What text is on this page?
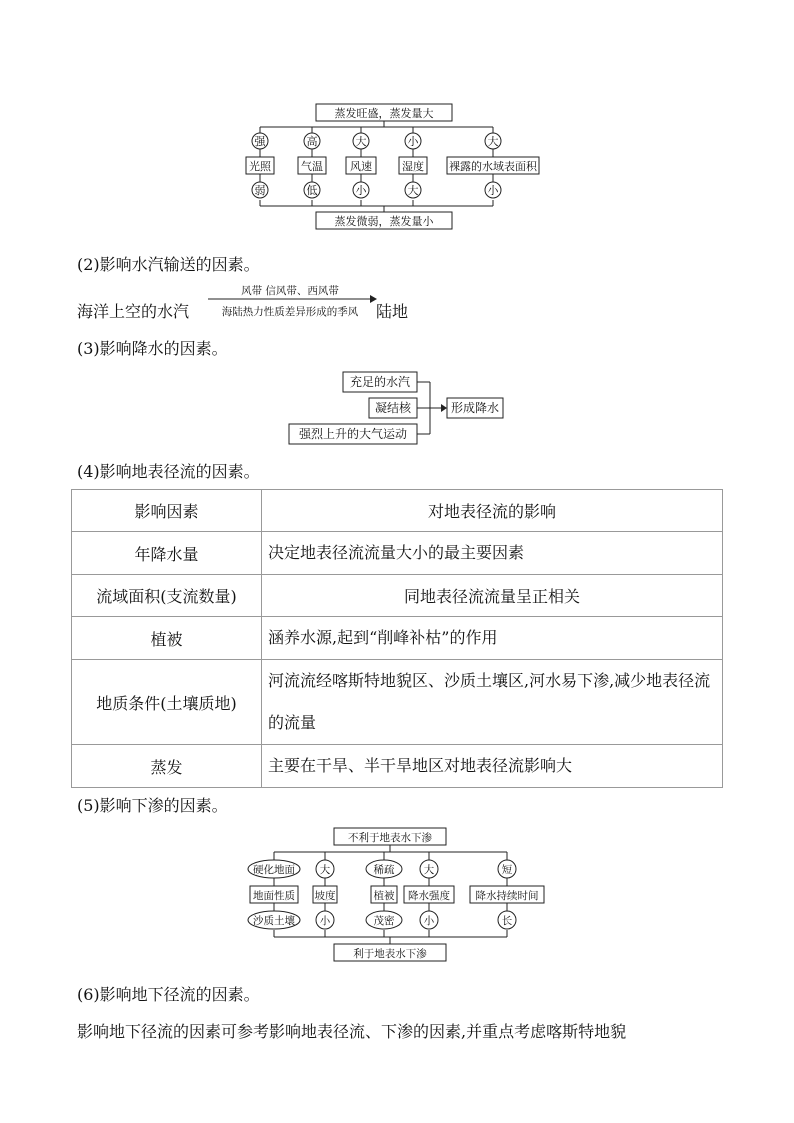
蒸发旺盛，蒸发量大
蒸发微弱，蒸发量小
强	高	大	小	大
光照	气温 风速	湿度 裸露的水域表面积
弱	低	小	大	小
(2)影响水汽输送的因素。
海洋上空的水汽
风带 信风带、西风带
海陆热力性质差异形成的季风	陆地
(3)影响降水的因素。
充足的水汽
凝结核
强烈上升的大气运动
形成降水
(4)影响地表径流的因素。
影响因素	对地表径流的影响
年降水量	决定地表径流流量大小的最主要因素
流域面积(支流数量)	同地表径流流量呈正相关
植被	涵养水源,起到“削峰补枯”的作用
地质条件(土壤质地)	河流流经喀斯特地貌区、沙质土壤区,河水易下渗,减少地表径流的流量
蒸发	主要在干旱、半干旱地区对地表径流影响大
(5)影响下渗的因素。
不利于地表水下渗
利于地表水下渗
硬化地面 大	稀疏	大	短
地面性质 坡度	植被 降水强度 降水持续时间
沙质土壤 小	茂密	小	长
(6)影响地下径流的因素。
影响地下径流的因素可参考影响地表径流、下渗的因素,并重点考虑喀斯特地貌
